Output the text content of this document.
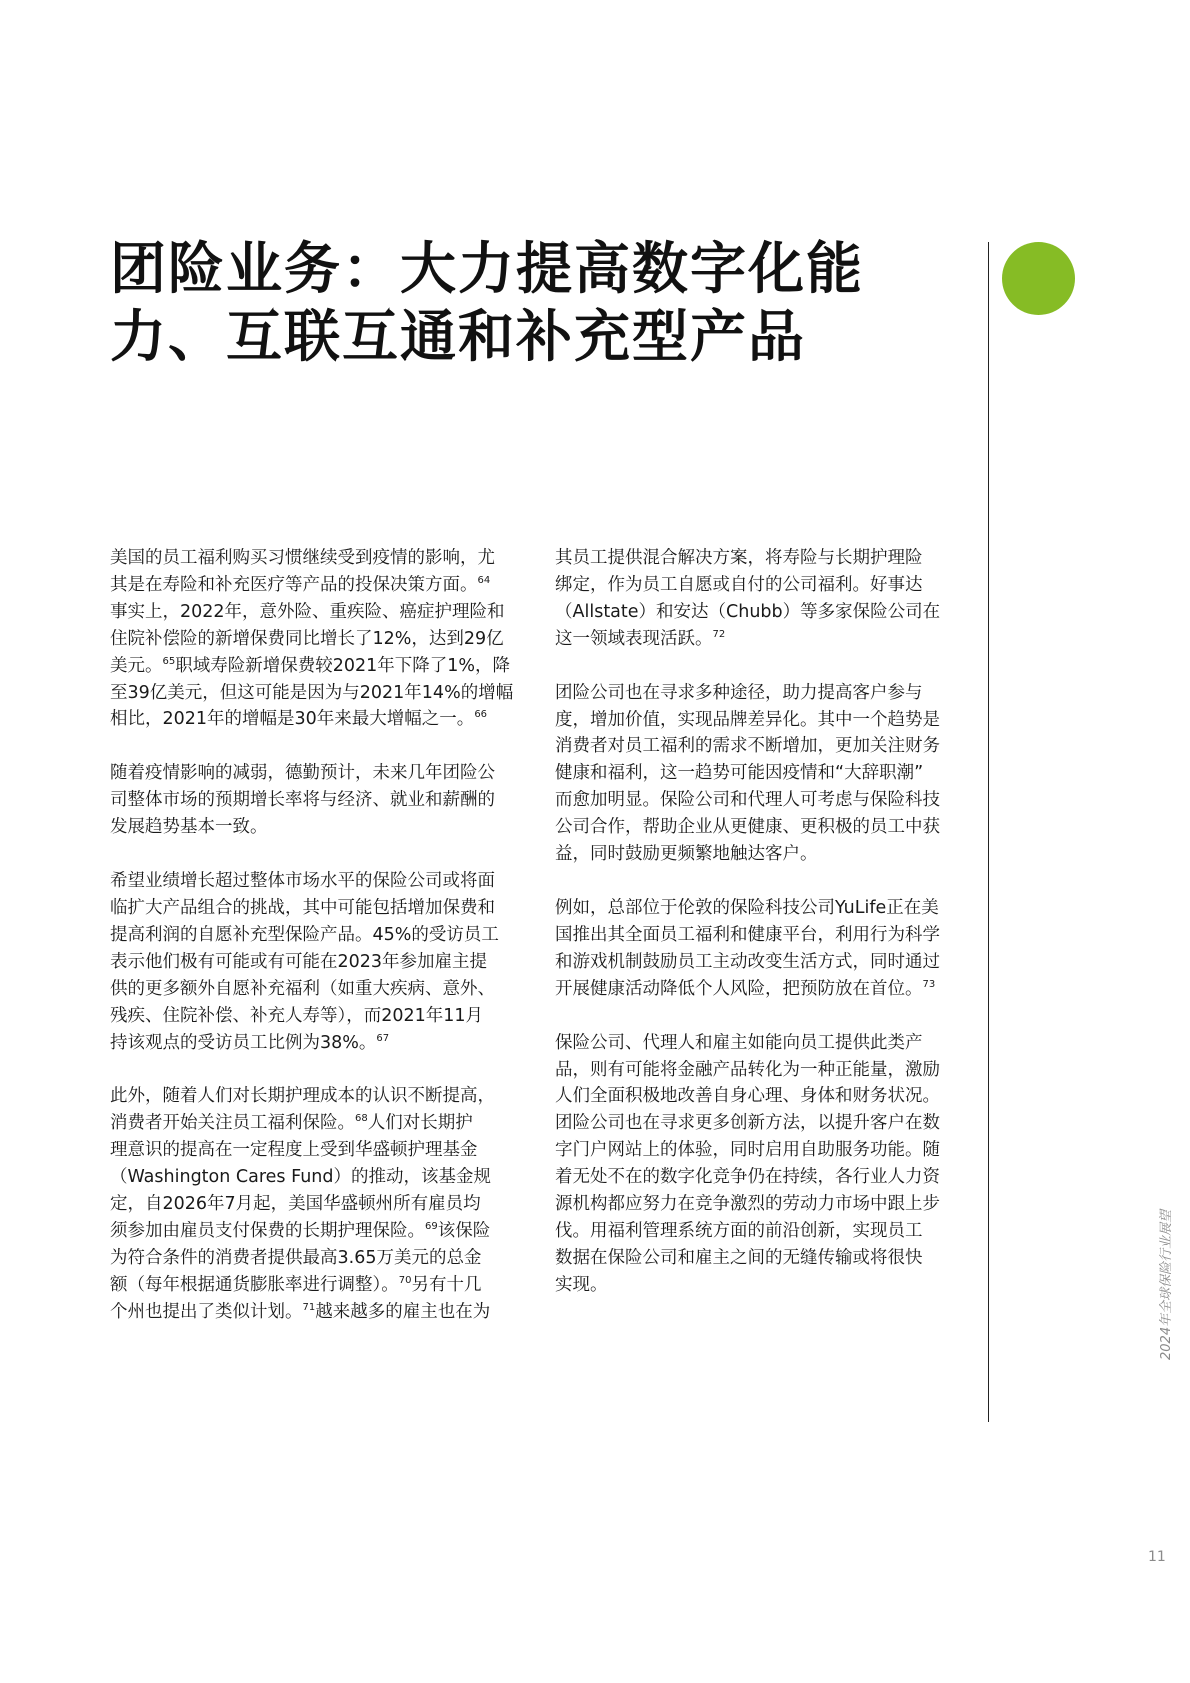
团险业务：大力提高数字化能
力、互联互通和补充型产品

美国的员工福利购买习惯继续受到疫情的影响，尤
其是在寿险和补充医疗等产品的投保决策方面。$^{64}$
事实上，2022年，意外险、重疾险、癌症护理险和
住院补偿险的新增保费同比增长了12%，达到29亿
美元。$^{65}$职域寿险新增保费较2021年下降了1%，降
至39亿美元，但这可能是因为与2021年14%的增幅
相比，2021年的增幅是30年来最大增幅之一。$^{66}$

随着疫情影响的减弱，德勤预计，未来几年团险公
司整体市场的预期增长率将与经济、就业和薪酬的
发展趋势基本一致。

希望业绩增长超过整体市场水平的保险公司或将面
临扩大产品组合的挑战，其中可能包括增加保费和
提高利润的自愿补充型保险产品。45%的受访员工
表示他们极有可能或有可能在2023年参加雇主提
供的更多额外自愿补充福利（如重大疾病、意外、
残疾、住院补偿、补充人寿等），而2021年11月
持该观点的受访员工比例为38%。$^{67}$

此外，随着人们对长期护理成本的认识不断提高，
消费者开始关注员工福利保险。$^{68}$人们对长期护
理意识的提高在一定程度上受到华盛顿护理基金
（Washington Cares Fund）的推动，该基金规
定，自2026年7月起，美国华盛顿州所有雇员均
须参加由雇员支付保费的长期护理保险。$^{69}$该保险
为符合条件的消费者提供最高3.65万美元的总金
额（每年根据通货膨胀率进行调整）。$^{70}$另有十几
个州也提出了类似计划。$^{71}$越来越多的雇主也在为

其员工提供混合解决方案，将寿险与长期护理险
绑定，作为员工自愿或自付的公司福利。好事达
（Allstate）和安达（Chubb）等多家保险公司在
这一领域表现活跃。$^{72}$

团险公司也在寻求多种途径，助力提高客户参与
度，增加价值，实现品牌差异化。其中一个趋势是
消费者对员工福利的需求不断增加，更加关注财务
健康和福利，这一趋势可能因疫情和“大辞职潮”
而愈加明显。保险公司和代理人可考虑与保险科技
公司合作，帮助企业从更健康、更积极的员工中获
益，同时鼓励更频繁地触达客户。

例如，总部位于伦敦的保险科技公司YuLife正在美
国推出其全面员工福利和健康平台，利用行为科学
和游戏机制鼓励员工主动改变生活方式，同时通过
开展健康活动降低个人风险，把预防放在首位。$^{73}$

保险公司、代理人和雇主如能向员工提供此类产
品，则有可能将金融产品转化为一种正能量，激励
人们全面积极地改善自身心理、身体和财务状况。
团险公司也在寻求更多创新方法，以提升客户在数
字门户网站上的体验，同时启用自助服务功能。随
着无处不在的数字化竞争仍在持续，各行业人力资
源机构都应努力在竞争激烈的劳动力市场中跟上步
伐。用福利管理系统方面的前沿创新，实现员工
数据在保险公司和雇主之间的无缝传输或将很快
实现。	2024年全球保险行业展望
11
